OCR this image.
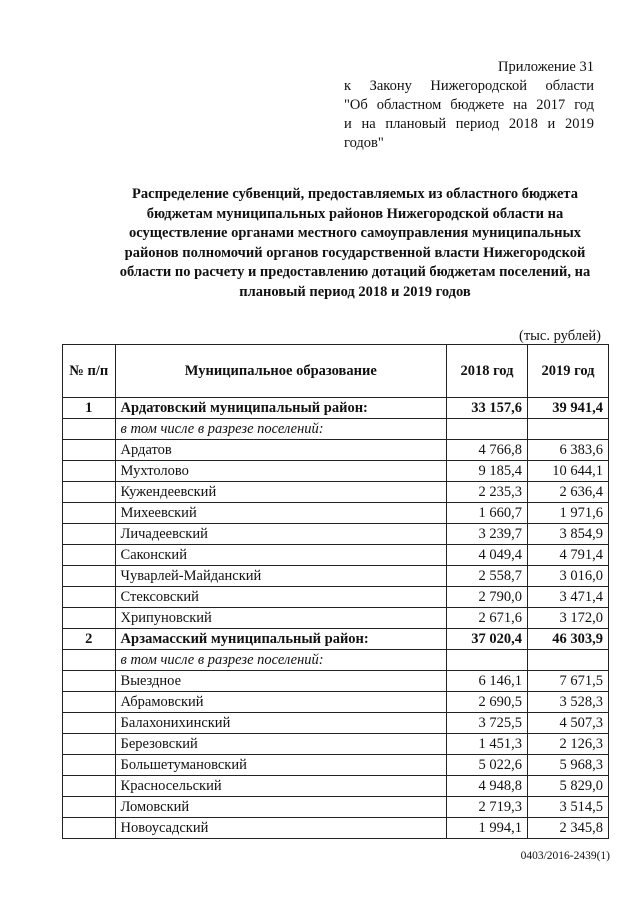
Приложение 31
к Закону Нижегородской области
"Об областном бюджете на 2017 год
и на плановый период 2018 и 2019
годов"
Распределение субвенций, предоставляемых из областного бюджета бюджетам муниципальных районов Нижегородской области на осуществление органами местного самоуправления муниципальных районов полномочий органов государственной власти Нижегородской области по расчету и предоставлению дотаций бюджетам поселений, на плановый период 2018 и 2019 годов
(тыс. рублей)
№ п/п	Муниципальное образование	2018 год	2019 год
1	Ардатовский муниципальный район:	33 157,6	39 941,4
	в том числе в разрезе поселений:		
	Ардатов	4 766,8	6 383,6
	Мухтолово	9 185,4	10 644,1
	Кужендеевский	2 235,3	2 636,4
	Михеевский	1 660,7	1 971,6
	Личадеевский	3 239,7	3 854,9
	Саконский	4 049,4	4 791,4
	Чуварлей-Майданский	2 558,7	3 016,0
	Стексовский	2 790,0	3 471,4
	Хрипуновский	2 671,6	3 172,0
2	Арзамасский муниципальный район:	37 020,4	46 303,9
	в том числе в разрезе поселений:		
	Выездное	6 146,1	7 671,5
	Абрамовский	2 690,5	3 528,3
	Балахонихинский	3 725,5	4 507,3
	Березовский	1 451,3	2 126,3
	Большетумановский	5 022,6	5 968,3
	Красносельский	4 948,8	5 829,0
	Ломовский	2 719,3	3 514,5
	Новоусадский	1 994,1	2 345,8
0403/2016-2439(1)
